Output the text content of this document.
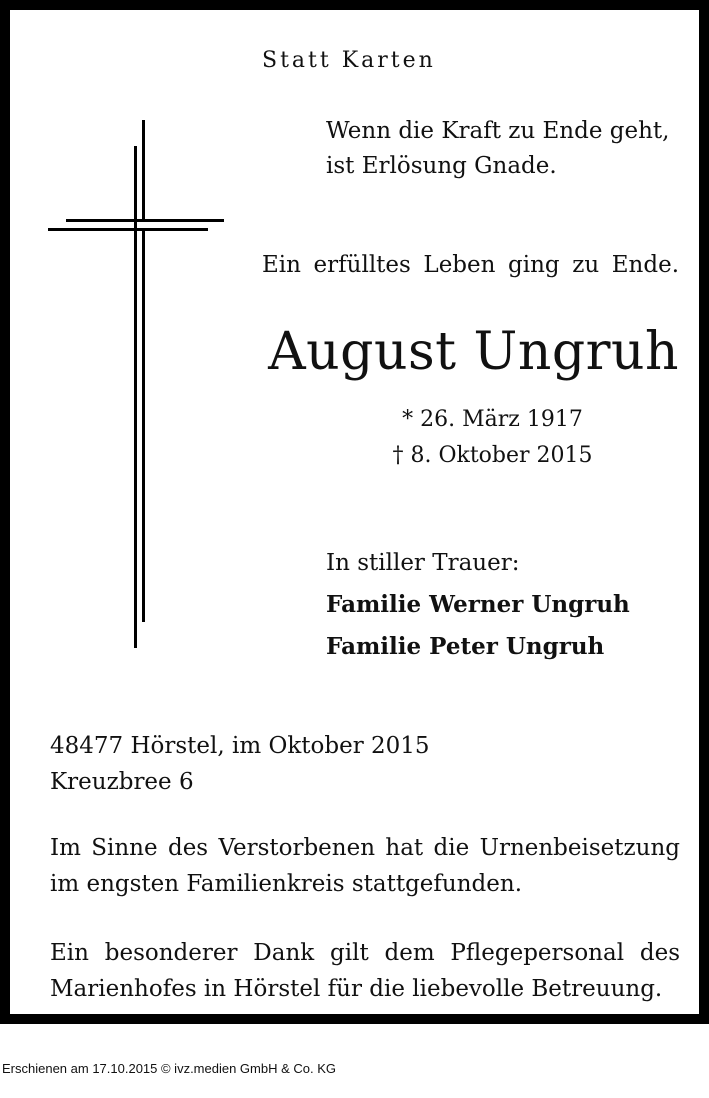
Statt Karten
Wenn die Kraft zu Ende geht,
ist Erlösung Gnade.
Ein erfülltes Leben ging zu Ende.
August Ungruh
* 26. März 1917
† 8. Oktober 2015
In stiller Trauer:
Familie Werner Ungruh
Familie Peter Ungruh
48477 Hörstel, im Oktober 2015
Kreuzbree 6
Im Sinne des Verstorbenen hat die Urnenbeisetzung im engsten Familienkreis stattgefunden.
Ein besonderer Dank gilt dem Pflegepersonal des Marienhofes in Hörstel für die liebevolle Betreuung.
Erschienen am 17.10.2015 © ivz.medien GmbH & Co. KG
